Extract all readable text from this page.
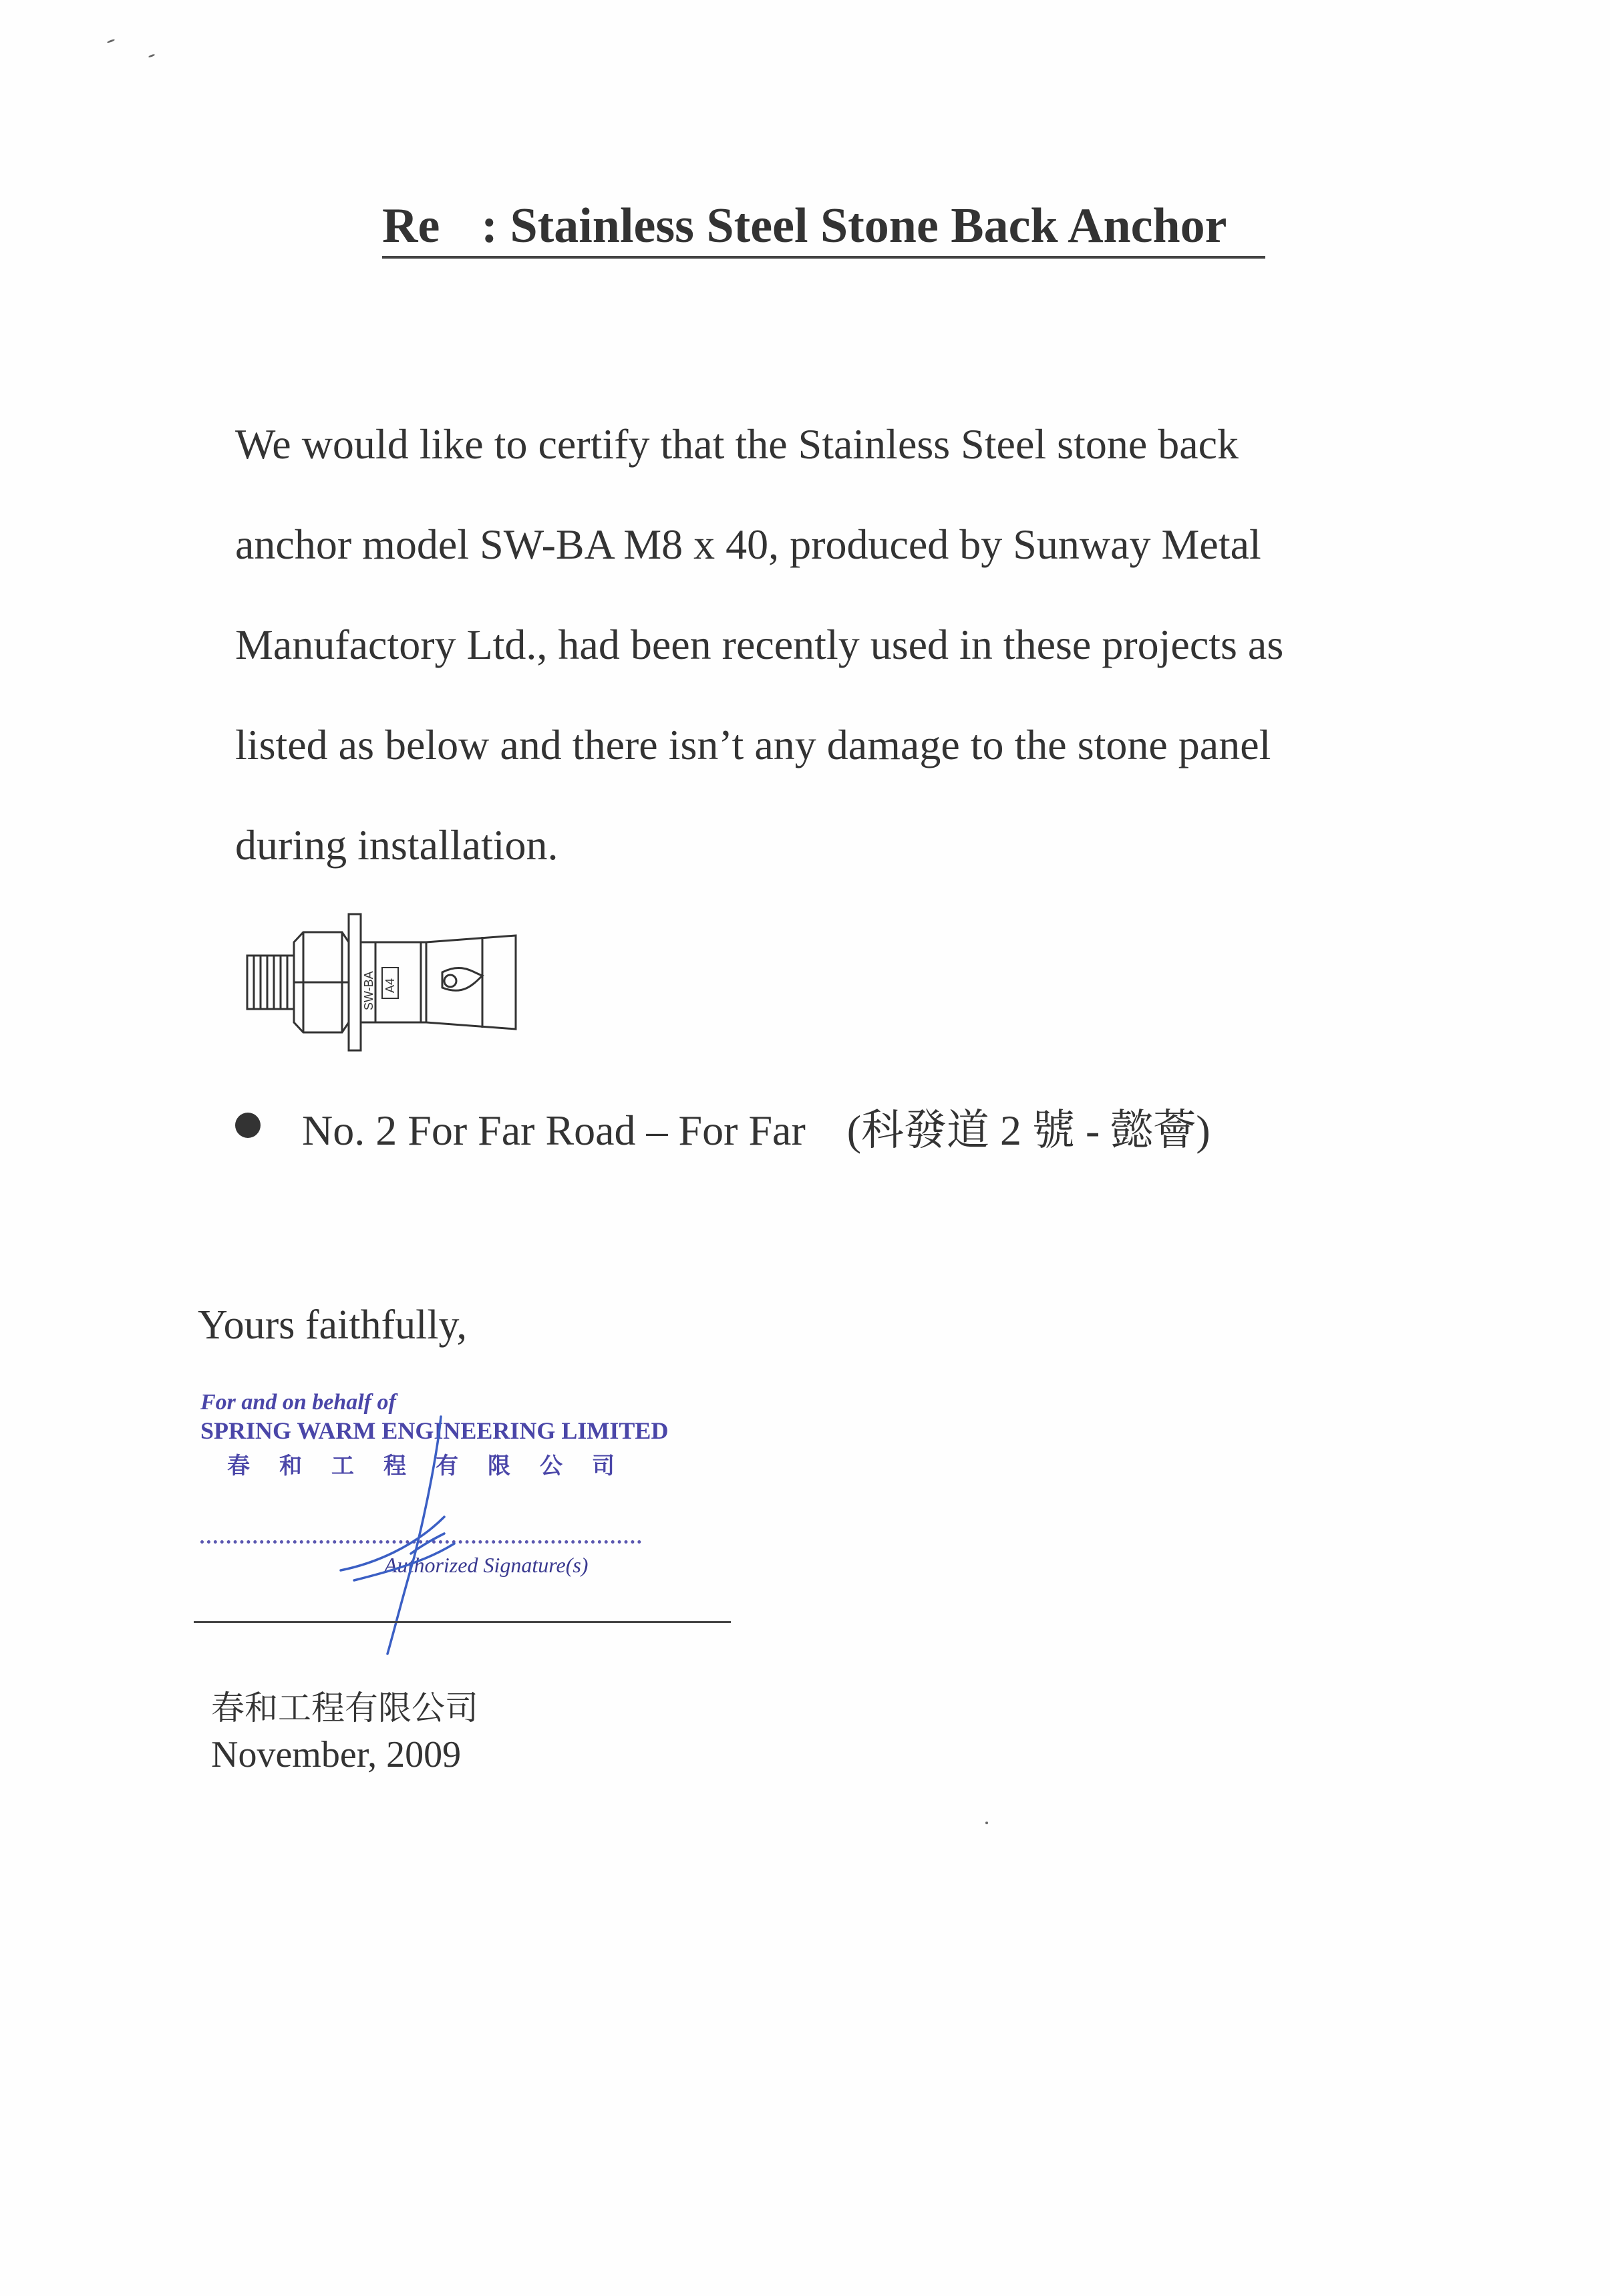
Re : Stainless Steel Stone Back Anchor

We would like to certify that the Stainless Steel stone back

anchor model SW-BA M8 x 40, produced by Sunway Metal

Manufactory Ltd., had been recently used in these projects as

listed as below and there isn’t any damage to the stone panel

during installation.

SW-BA A4
No. 2 For Far Road – For Far (科發道 2 號 - 懿薈)
Yours faithfully,
For and on behalf of
SPRING WARM ENGINEERING LIMITED
春和工程有限公司
Authorized Signature(s)
春和工程有限公司
November, 2009
